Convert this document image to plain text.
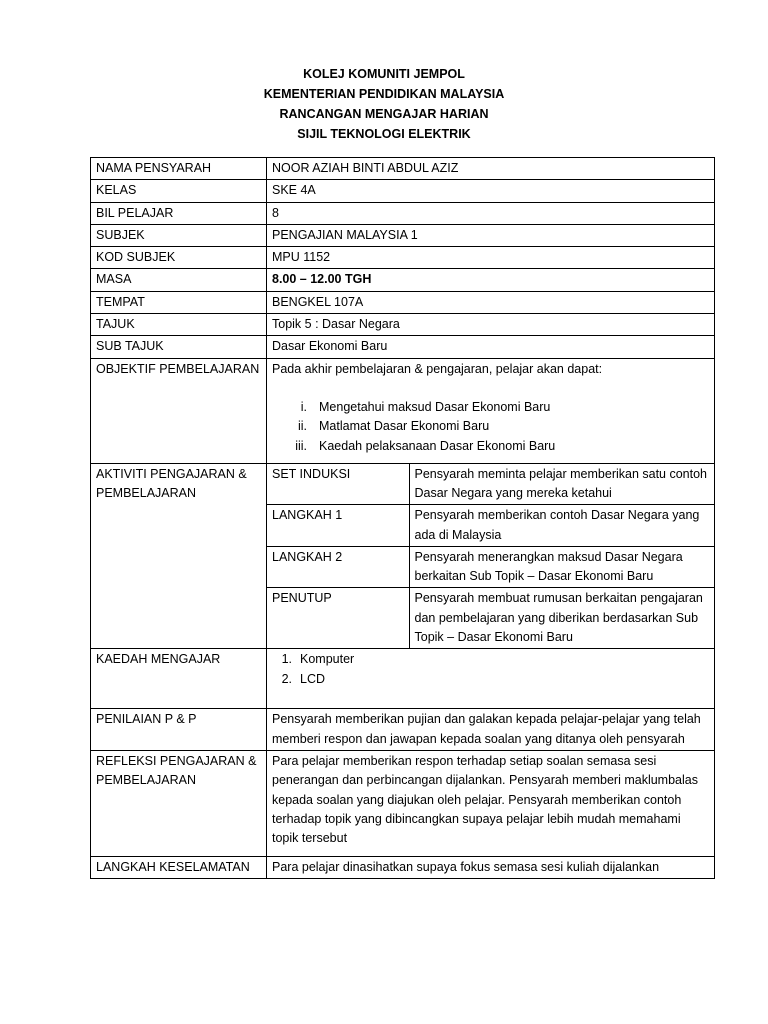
KOLEJ KOMUNITI JEMPOL
KEMENTERIAN PENDIDIKAN MALAYSIA
RANCANGAN MENGAJAR HARIAN
SIJIL TEKNOLOGI ELEKTRIK
NAMA PENSYARAH	NOOR AZIAH BINTI ABDUL AZIZ
KELAS	SKE 4A
BIL PELAJAR	8
SUBJEK	PENGAJIAN MALAYSIA 1
KOD SUBJEK	MPU 1152
MASA	8.00 – 12.00 TGH
TEMPAT	BENGKEL 107A
TAJUK	Topik 5 : Dasar Negara
SUB TAJUK	Dasar Ekonomi Baru
OBJEKTIF PEMBELAJARAN	Pada akhir pembelajaran & pengajaran, pelajar akan dapat:
i. Mengetahui maksud Dasar Ekonomi Baru
ii. Matlamat Dasar Ekonomi Baru
iii. Kaedah pelaksanaan Dasar Ekonomi Baru

AKTIVITI PENGAJARAN & PEMBELAJARAN	
SET INDUKSI	Pensyarah meminta pelajar memberikan satu contoh Dasar Negara yang mereka ketahui
LANGKAH 1	Pensyarah memberikan contoh Dasar Negara yang ada di Malaysia
LANGKAH 2	Pensyarah menerangkan maksud Dasar Negara berkaitan Sub Topik – Dasar Ekonomi Baru
PENUTUP	Pensyarah membuat rumusan berkaitan pengajaran dan pembelajaran yang diberikan berdasarkan Sub Topik – Dasar Ekonomi Baru

KAEDAH MENGAJAR	1. Komputer
2. LCD

PENILAIAN P & P	Pensyarah memberikan pujian dan galakan kepada pelajar-pelajar yang telah memberi respon dan jawapan kepada soalan yang ditanya oleh pensyarah
REFLEKSI PENGAJARAN & PEMBELAJARAN	Para pelajar memberikan respon terhadap setiap soalan semasa sesi penerangan dan perbincangan dijalankan. Pensyarah memberi maklumbalas kepada soalan yang diajukan oleh pelajar. Pensyarah memberikan contoh terhadap topik yang dibincangkan supaya pelajar lebih mudah memahami topik tersebut
LANGKAH KESELAMATAN	Para pelajar dinasihatkan supaya fokus semasa sesi kuliah dijalankan
